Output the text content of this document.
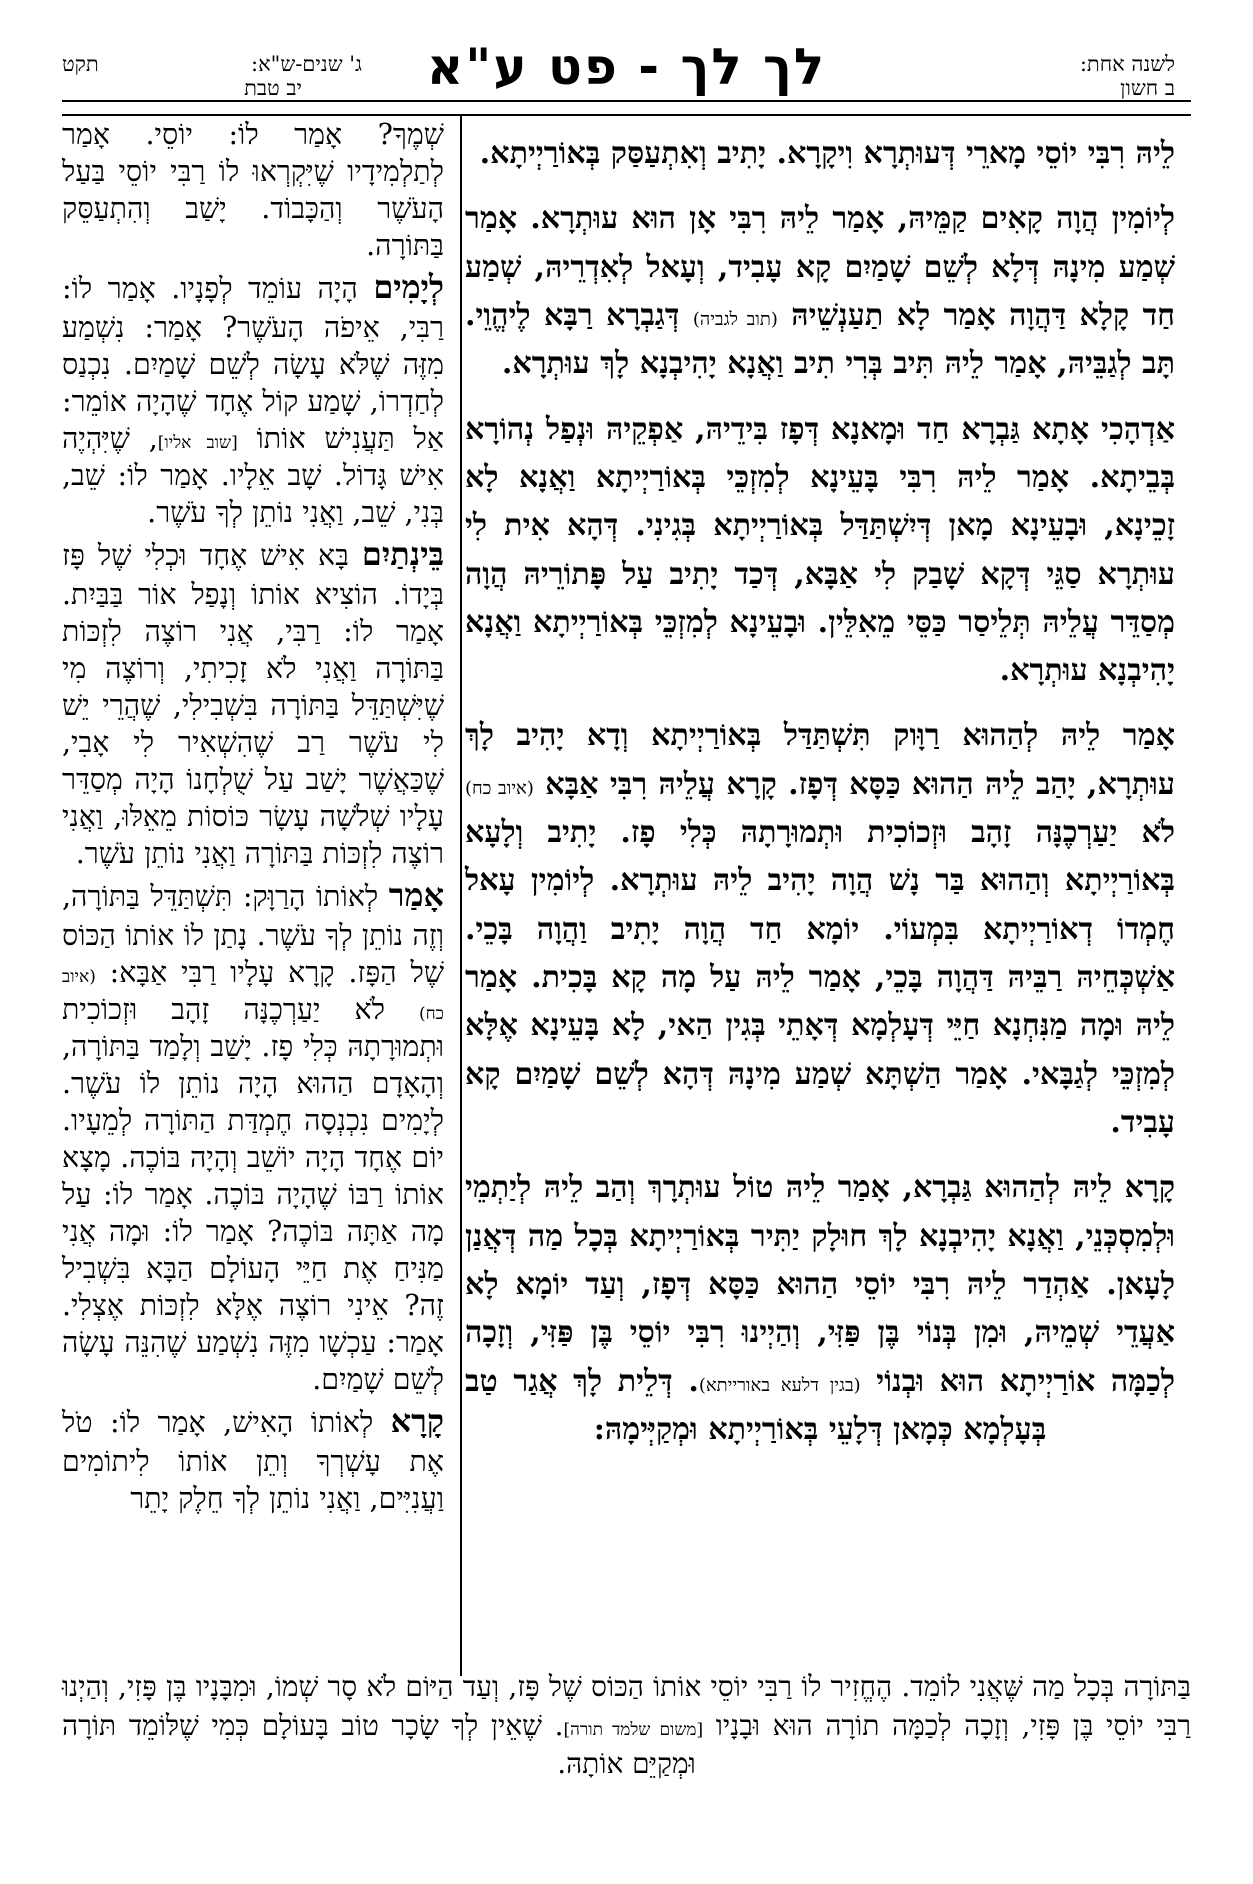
לשנה אחת:
ב חשון
לך לך - פט ע"א
ג' שנים-ש"א:
תקט
יב טבת

לֵיהּ רִבִּי יוֹסֵי מָארֵי דְּעוּתְרָא וִיקָרָא. יָתִיב וְאִתְעַסַּק בְּאוֹרַיְיתָא.

לְיוֹמִין הֲוָה קָאִים קַמֵּיהּ, אָמַר לֵיהּ רִבִּי אָן הוּא עוּתְרָא. אָמַר שְׁמַע מִינָהּ דְּלָא לְשֵׁם שָׁמַיִם קָא עָבִיד, וְעָאל לְאִדְרֵיהּ, שְׁמַע חַד קָלָא דַּהֲוָה אָמַר לָא תַעַנְשֵׁיהּ (תוב לגביה) דְּגַבְרָא רַבָּא לֶיהֱוֵי. תָּב לְגַבֵּיהּ, אָמַר לֵיהּ תִּיב בְּרִי תִיב וַאֲנָא יָהִיבְנָא לָךְ עוּתְרָא.

אַדְהָכִי אָתָא גַּבְרָא חַד וּמָאנָא דְּפָז בִּידֵיהּ, אַפְקֵיהּ וּנְפַל נְהוֹרָא בְּבֵיתָא. אָמַר לֵיהּ רִבִּי בָּעֵינָא לְמִזְכֵּי בְּאוֹרַיְיתָא וַאֲנָא לָא זָכֵינָא, וּבָעֵינָא מָאן דְּיִשְׁתַּדַּל בְּאוֹרַיְיתָא בְּגִינִי. דְּהָא אִית לִי עוּתְרָא סַגֵּי דְּקָא שָׁבַק לִי אַבָּא, דְּכַד יָתִיב עַל פָּתוֹרֵיהּ הֲוָה מְסַדֵּר עֲלֵיהּ תְּלֵיסַר כַּסֵּי מֵאִלֵּין. וּבָעֵינָא לְמִזְכֵּי בְּאוֹרַיְיתָא וַאֲנָא יָהִיבְנָא עוּתְרָא.

אָמַר לֵיהּ לְהַהוּא רַוָּוק תִּשְׁתַּדַּל בְּאוֹרַיְיתָא וְדָא יָהִיב לָךְ עוּתְרָא, יָהַב לֵיהּ הַהוּא כַּסָּא דְּפָז. קָרָא עֲלֵיהּ רִבִּי אַבָּא (איוב כח) לֹא יַעַרְכֶנָּה זָהָב וּזְכוֹכִית וּתְמוּרָתָהּ כְּלִי פָז. יָתִיב וְלָעָא בְּאוֹרַיְיתָא וְהַהוּא בַּר נָשׁ הֲוָה יָהִיב לֵיהּ עוּתְרָא. לְיוֹמִין עָאל חֶמְדוֹ דְאוֹרַיְיתָא בִּמְעוֹי. יוֹמָא חַד הֲוָה יָתִיב וַהֲוָה בָּכֵי. אַשְׁכְּחֵיהּ רַבֵּיהּ דַּהֲוָה בָּכֵי, אָמַר לֵיהּ עַל מָה קָא בָּכִית. אָמַר לֵיהּ וּמָה מַנִּחְנָא חַיֵּי דְּעָלְמָא דְּאָתֵי בְּגִין הַאי, לָא בָּעֵינָא אֶלָּא לְמִזְכֵּי לְגַבָּאי. אָמַר הַשְׁתָּא שְׁמַע מִינָהּ דְּהָא לְשֵׁם שָׁמַיִם קָא עָבִיד.

קָרָא לֵיהּ לְהַהוּא גַּבְרָא, אָמַר לֵיהּ טוֹל עוּתְרָךְ וְהַב לֵיהּ לְיַתְמֵי וּלְמִסְכְּנֵי, וַאֲנָא יָהִיבְנָא לָךְ חוּלָק יַתִּיר בְּאוֹרַיְיתָא בְּכָל מַה דְּאֲנַן לָעָאן. אַהְדַר לֵיהּ רִבִּי יוֹסֵי הַהוּא כַּסָּא דְּפָז, וְעַד יוֹמָא לָא אַעֲדֵי שְׁמֵיהּ, וּמִן בְּנוֹי בֶּן פַּזִּי, וְהַיְינוּ רִבִּי יוֹסֵי בֶּן פַּזִּי, וְזָכָה לְכַמָּה אוֹרַיְיתָא הוּא וּבְנוֹי (בגין דלעא באורייתא). דְּלֵית לָךְ אֲגַר טַב בְּעָלְמָא כְּמָאן דְּלָעֵי בְּאוֹרַיְיתָא וּמְקַיְּימָהּ:

שְׁמֶךָ? אָמַר לוֹ: יוֹסֵי. אָמַר לְתַלְמִידָיו שֶׁיִּקְרְאוּ לוֹ רַבִּי יוֹסֵי בַּעַל הָעֹשֶׁר וְהַכָּבוֹד. יָשַׁב וְהִתְעַסֵּק בַּתּוֹרָה.

לְיָמִים הָיָה עוֹמֵד לְפָנָיו. אָמַר לוֹ: רַבִּי, אֵיפֹה הָעֹשֶׁר? אָמַר: נִשְׁמַע מִזֶּה שֶׁלֹּא עָשָׂה לְשֵׁם שָׁמַיִם. נִכְנַס לְחַדְרוֹ, שָׁמַע קוֹל אֶחָד שֶׁהָיָה אוֹמֵר: אַל תַּעֲנִישׁ אוֹתוֹ [שוב אליו], שֶׁיִּהְיֶה אִישׁ גָּדוֹל. שָׁב אֵלָיו. אָמַר לוֹ: שֵׁב, בְּנִי, שֵׁב, וַאֲנִי נוֹתֵן לְךָ עֹשֶׁר.

בֵּינְתַיִם בָּא אִישׁ אֶחָד וּכְלִי שֶׁל פָּז בְּיָדוֹ. הוֹצִיא אוֹתוֹ וְנָפַל אוֹר בַּבַּיִת. אָמַר לוֹ: רַבִּי, אֲנִי רוֹצֶה לִזְכּוֹת בַּתּוֹרָה וַאֲנִי לֹא זָכִיתִי, וְרוֹצֶה מִי שֶׁיִּשְׁתַּדֵּל בַּתּוֹרָה בִּשְׁבִילִי, שֶׁהֲרֵי יֵשׁ לִי עֹשֶׁר רַב שֶׁהִשְׁאִיר לִי אָבִי, שֶׁכַּאֲשֶׁר יָשַׁב עַל שֻׁלְחָנוֹ הָיָה מְסַדֵּר עָלָיו שְׁלֹשָׁה עָשָׂר כּוֹסוֹת מֵאֵלּוּ, וַאֲנִי רוֹצֶה לִזְכּוֹת בַּתּוֹרָה וַאֲנִי נוֹתֵן עֹשֶׁר.

אָמַר לְאוֹתוֹ הָרַוָּק: תִּשְׁתַּדֵּל בַּתּוֹרָה, וְזֶה נוֹתֵן לְךָ עֹשֶׁר. נָתַן לוֹ אוֹתוֹ הַכּוֹס שֶׁל הַפָּז. קָרָא עָלָיו רַבִּי אַבָּא: (איוב כח) לֹא יַעַרְכֶנָּה זָהָב וּזְכוֹכִית וּתְמוּרָתָהּ כְּלִי פָז. יָשַׁב וְלָמַד בַּתּוֹרָה, וְהָאָדָם הַהוּא הָיָה נוֹתֵן לוֹ עֹשֶׁר. לְיָמִים נִכְנְסָה חֶמְדַּת הַתּוֹרָה לְמֵעָיו. יוֹם אֶחָד הָיָה יוֹשֵׁב וְהָיָה בּוֹכֶה. מָצָא אוֹתוֹ רַבּוֹ שֶׁהָיָה בּוֹכֶה. אָמַר לוֹ: עַל מָה אַתָּה בּוֹכֶה? אָמַר לוֹ: וּמָה אֲנִי מַנִּיחַ אֶת חַיֵּי הָעוֹלָם הַבָּא בִּשְׁבִיל זֶה? אֵינִי רוֹצֶה אֶלָּא לִזְכּוֹת אֶצְלִי. אָמַר: עַכְשָׁו מִזֶּה נִשְׁמַע שֶׁהִנֵּה עָשָׂה לְשֵׁם שָׁמַיִם.

קָרָא לְאוֹתוֹ הָאִישׁ, אָמַר לוֹ: טֹל אֶת עָשְׁרְךָ וְתֵן אוֹתוֹ לִיתוֹמִים וַעֲנִיִּים, וַאֲנִי נוֹתֵן לְךָ חֵלֶק יָתֵר

בַּתּוֹרָה בְּכָל מַה שֶּׁאֲנִי לוֹמֵד. הֶחֱזִיר לוֹ רַבִּי יוֹסֵי אוֹתוֹ הַכּוֹס שֶׁל פָּז, וְעַד הַיּוֹם לֹא סָר שְׁמוֹ, וּמִבָּנָיו בֶּן פָּזִי, וְהַיְנוּ רַבִּי יוֹסֵי בֶּן פָּזִי, וְזָכָה לְכַמָּה תוֹרָה הוּא וּבָנָיו [משום שלמד תורה]. שֶׁאֵין לְךָ שָׂכָר טוֹב בָּעוֹלָם כְּמִי שֶׁלּוֹמֵד תּוֹרָה וּמְקַיֵּם אוֹתָהּ.
